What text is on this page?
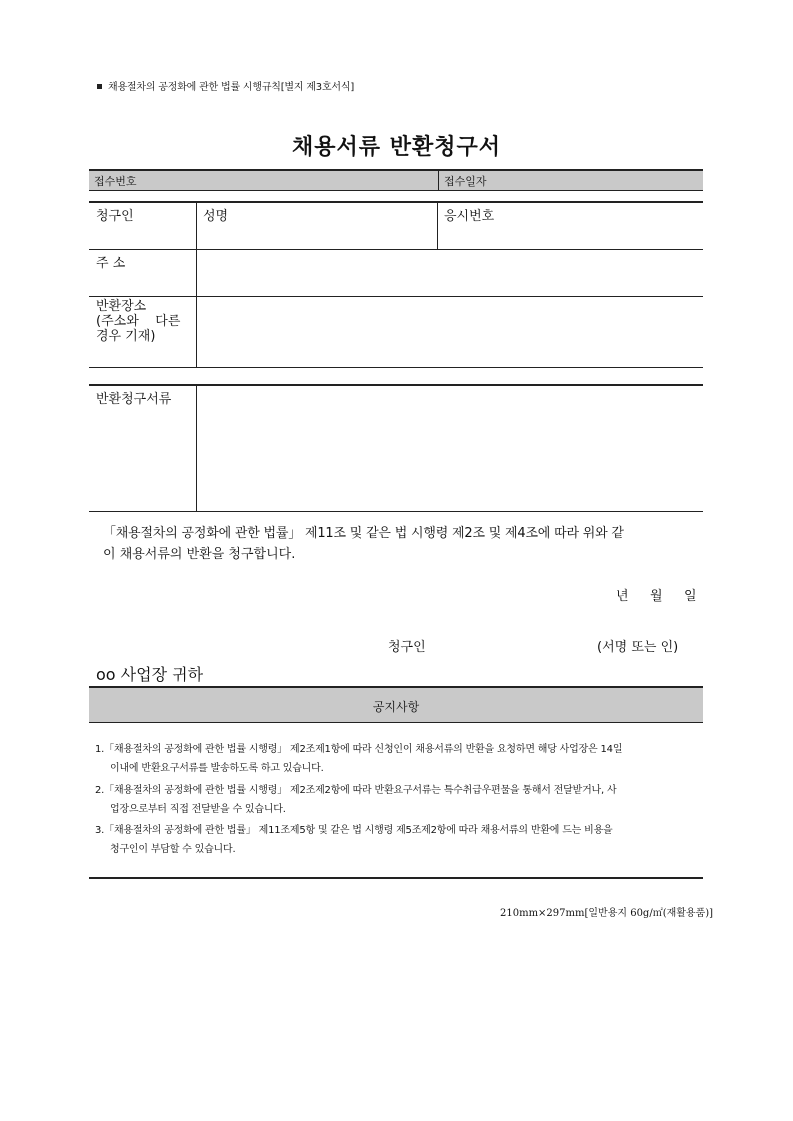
채용절차의 공정화에 관한 법률 시행규칙[별지 제3호서식]
채용서류 반환청구서
접수번호	접수일자
청구인	성명	응시번호
주 소
반환장소
(주소와    다른
경우 기재)
반환청구서류
「채용절차의 공정화에 관한 법률」 제11조 및 같은 법 시행령 제2조 및 제4조에 따라 위와 같
이 채용서류의 반환을 청구합니다.
년 월 일
청구인	(서명 또는 인)
oo 사업장 귀하
공지사항
1.「채용절차의 공정화에 관한 법률 시행령」 제2조제1항에 따라 신청인이 채용서류의 반환을 요청하면 해당 사업장은 14일
이내에 반환요구서류를 발송하도록 하고 있습니다.
2.「채용절차의 공정화에 관한 법률 시행령」 제2조제2항에 따라 반환요구서류는 특수취급우편물을 통해서 전달받거나, 사
업장으로부터 직접 전달받을 수 있습니다.
3.「채용절차의 공정화에 관한 법률」 제11조제5항 및 같은 법 시행령 제5조제2항에 따라 채용서류의 반환에 드는 비용을
청구인이 부담할 수 있습니다.
210mm×297mm[일반용지 60g/㎡(재활용품)]
